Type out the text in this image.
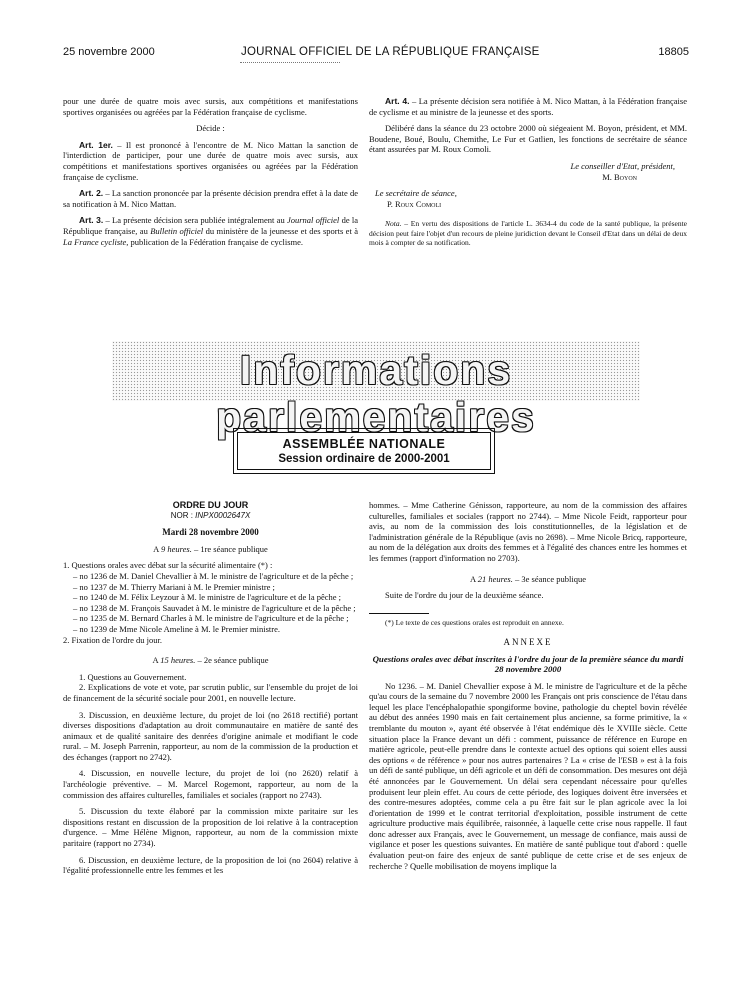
25 novembre 2000	JOURNAL OFFICIEL DE LA RÉPUBLIQUE FRANÇAISE	18805

pour une durée de quatre mois avec sursis, aux compétitions et manifestations sportives organisées ou agréées par la Fédération française de cyclisme.

Décide :

Art. 1er. – Il est prononcé à l'encontre de M. Nico Mattan la sanction de l'interdiction de participer, pour une durée de quatre mois avec sursis, aux compétitions et manifestations sportives organisées ou agréées par la Fédération française de cyclisme.

Art. 2. – La sanction prononcée par la présente décision prendra effet à la date de sa notification à M. Nico Mattan.

Art. 3. – La présente décision sera publiée intégralement au Journal officiel de la République française, au Bulletin officiel du ministère de la jeunesse et des sports et à La France cycliste, publication de la Fédération française de cyclisme.

Art. 4. – La présente décision sera notifiée à M. Nico Mattan, à la Fédération française de cyclisme et au ministre de la jeunesse et des sports.

Délibéré dans la séance du 23 octobre 2000 où siégeaient M. Boyon, président, et MM. Boudene, Boué, Boulu, Chemithe, Le Fur et Gatlien, les fonctions de secrétaire de séance étant assurées par M. Roux Comoli.

Le conseiller d'Etat, président,

M. Boyon

Le secrétaire de séance,

P. Roux Comoli

Nota. – En vertu des dispositions de l'article L. 3634-4 du code de la santé publique, la présente décision peut faire l'objet d'un recours de pleine juridiction devant le Conseil d'Etat dans un délai de deux mois à compter de sa notification.

Informations parlementaires
ASSEMBLÉE NATIONALE
Session ordinaire de 2000-2001

ORDRE DU JOUR

NOR : INPX0002647X

Mardi 28 novembre 2000

A 9 heures. – 1re séance publique

1. Questions orales avec débat sur la sécurité alimentaire (*) :

– no 1236 de M. Daniel Chevallier à M. le ministre de l'agriculture et de la pêche ;

– no 1237 de M. Thierry Mariani à M. le Premier ministre ;

– no 1240 de M. Félix Leyzour à M. le ministre de l'agriculture et de la pêche ;

– no 1238 de M. François Sauvadet à M. le ministre de l'agriculture et de la pêche ;

– no 1235 de M. Bernard Charles à M. le ministre de l'agriculture et de la pêche ;

– no 1239 de Mme Nicole Ameline à M. le Premier ministre.

2. Fixation de l'ordre du jour.

A 15 heures. – 2e séance publique

1. Questions au Gouvernement.

2. Explications de vote et vote, par scrutin public, sur l'ensemble du projet de loi de financement de la sécurité sociale pour 2001, en nouvelle lecture.

3. Discussion, en deuxième lecture, du projet de loi (no 2618 rectifié) portant diverses dispositions d'adaptation au droit communautaire en matière de santé des animaux et de qualité sanitaire des denrées d'origine animale et modifiant le code rural. – M. Joseph Parrenin, rapporteur, au nom de la commission de la production et des échanges (rapport no 2742).

4. Discussion, en nouvelle lecture, du projet de loi (no 2620) relatif à l'archéologie préventive. – M. Marcel Rogemont, rapporteur, au nom de la commission des affaires culturelles, familiales et sociales (rapport no 2743).

5. Discussion du texte élaboré par la commission mixte paritaire sur les dispositions restant en discussion de la proposition de loi relative à la contraception d'urgence. – Mme Hélène Mignon, rapporteur, au nom de la commission mixte paritaire (rapport no 2734).

6. Discussion, en deuxième lecture, de la proposition de loi (no 2604) relative à l'égalité professionnelle entre les femmes et les

hommes. – Mme Catherine Génisson, rapporteure, au nom de la commission des affaires culturelles, familiales et sociales (rapport no 2744). – Mme Nicole Feidt, rapporteur pour avis, au nom de la commission des lois constitutionnelles, de la législation et de l'administration générale de la République (avis no 2698). – Mme Nicole Bricq, rapporteure, au nom de la délégation aux droits des femmes et à l'égalité des chances entre les hommes et les femmes (rapport d'information no 2703).

A 21 heures. – 3e séance publique

Suite de l'ordre du jour de la deuxième séance.

(*) Le texte de ces questions orales est reproduit en annexe.

ANNEXE

Questions orales avec débat inscrites à l'ordre du jour de la première séance du mardi 28 novembre 2000

No 1236. – M. Daniel Chevallier expose à M. le ministre de l'agriculture et de la pêche qu'au cours de la semaine du 7 novembre 2000 les Français ont pris conscience de l'étau dans lequel les place l'encéphalopathie spongiforme bovine, pathologie du cheptel bovin révélée au début des années 1990 mais en fait certainement plus ancienne, sa forme primitive, la « tremblante du mouton », ayant été observée à l'état endémique dès le XVIIIe siècle. Cette situation place la France devant un défi : comment, puissance de référence en Europe en matière agricole, peut-elle prendre dans le contexte actuel des options qui soient elles aussi des options « de référence » pour nos autres partenaires ? La « crise de l'ESB » est à la fois un défi de santé publique, un défi agricole et un défi de consommation. Des mesures ont déjà été annoncées par le Gouvernement. Un délai sera cependant nécessaire pour qu'elles produisent leur plein effet. Au cours de cette période, des logiques doivent être inversées et des contre-mesures adoptées, comme cela a pu être fait sur le plan agricole avec la loi d'orientation de 1999 et le contrat territorial d'exploitation, possible instrument de cette agriculture productive mais équilibrée, raisonnée, à laquelle cette crise nous rappelle. Il faut donc adresser aux Français, avec le Gouvernement, un message de confiance, mais aussi de vigilance et poser les questions suivantes. En matière de santé publique tout d'abord : quelle évaluation peut-on faire des enjeux de santé publique de cette crise et de ses enjeux de recherche ? Quelle mobilisation de moyens implique la
